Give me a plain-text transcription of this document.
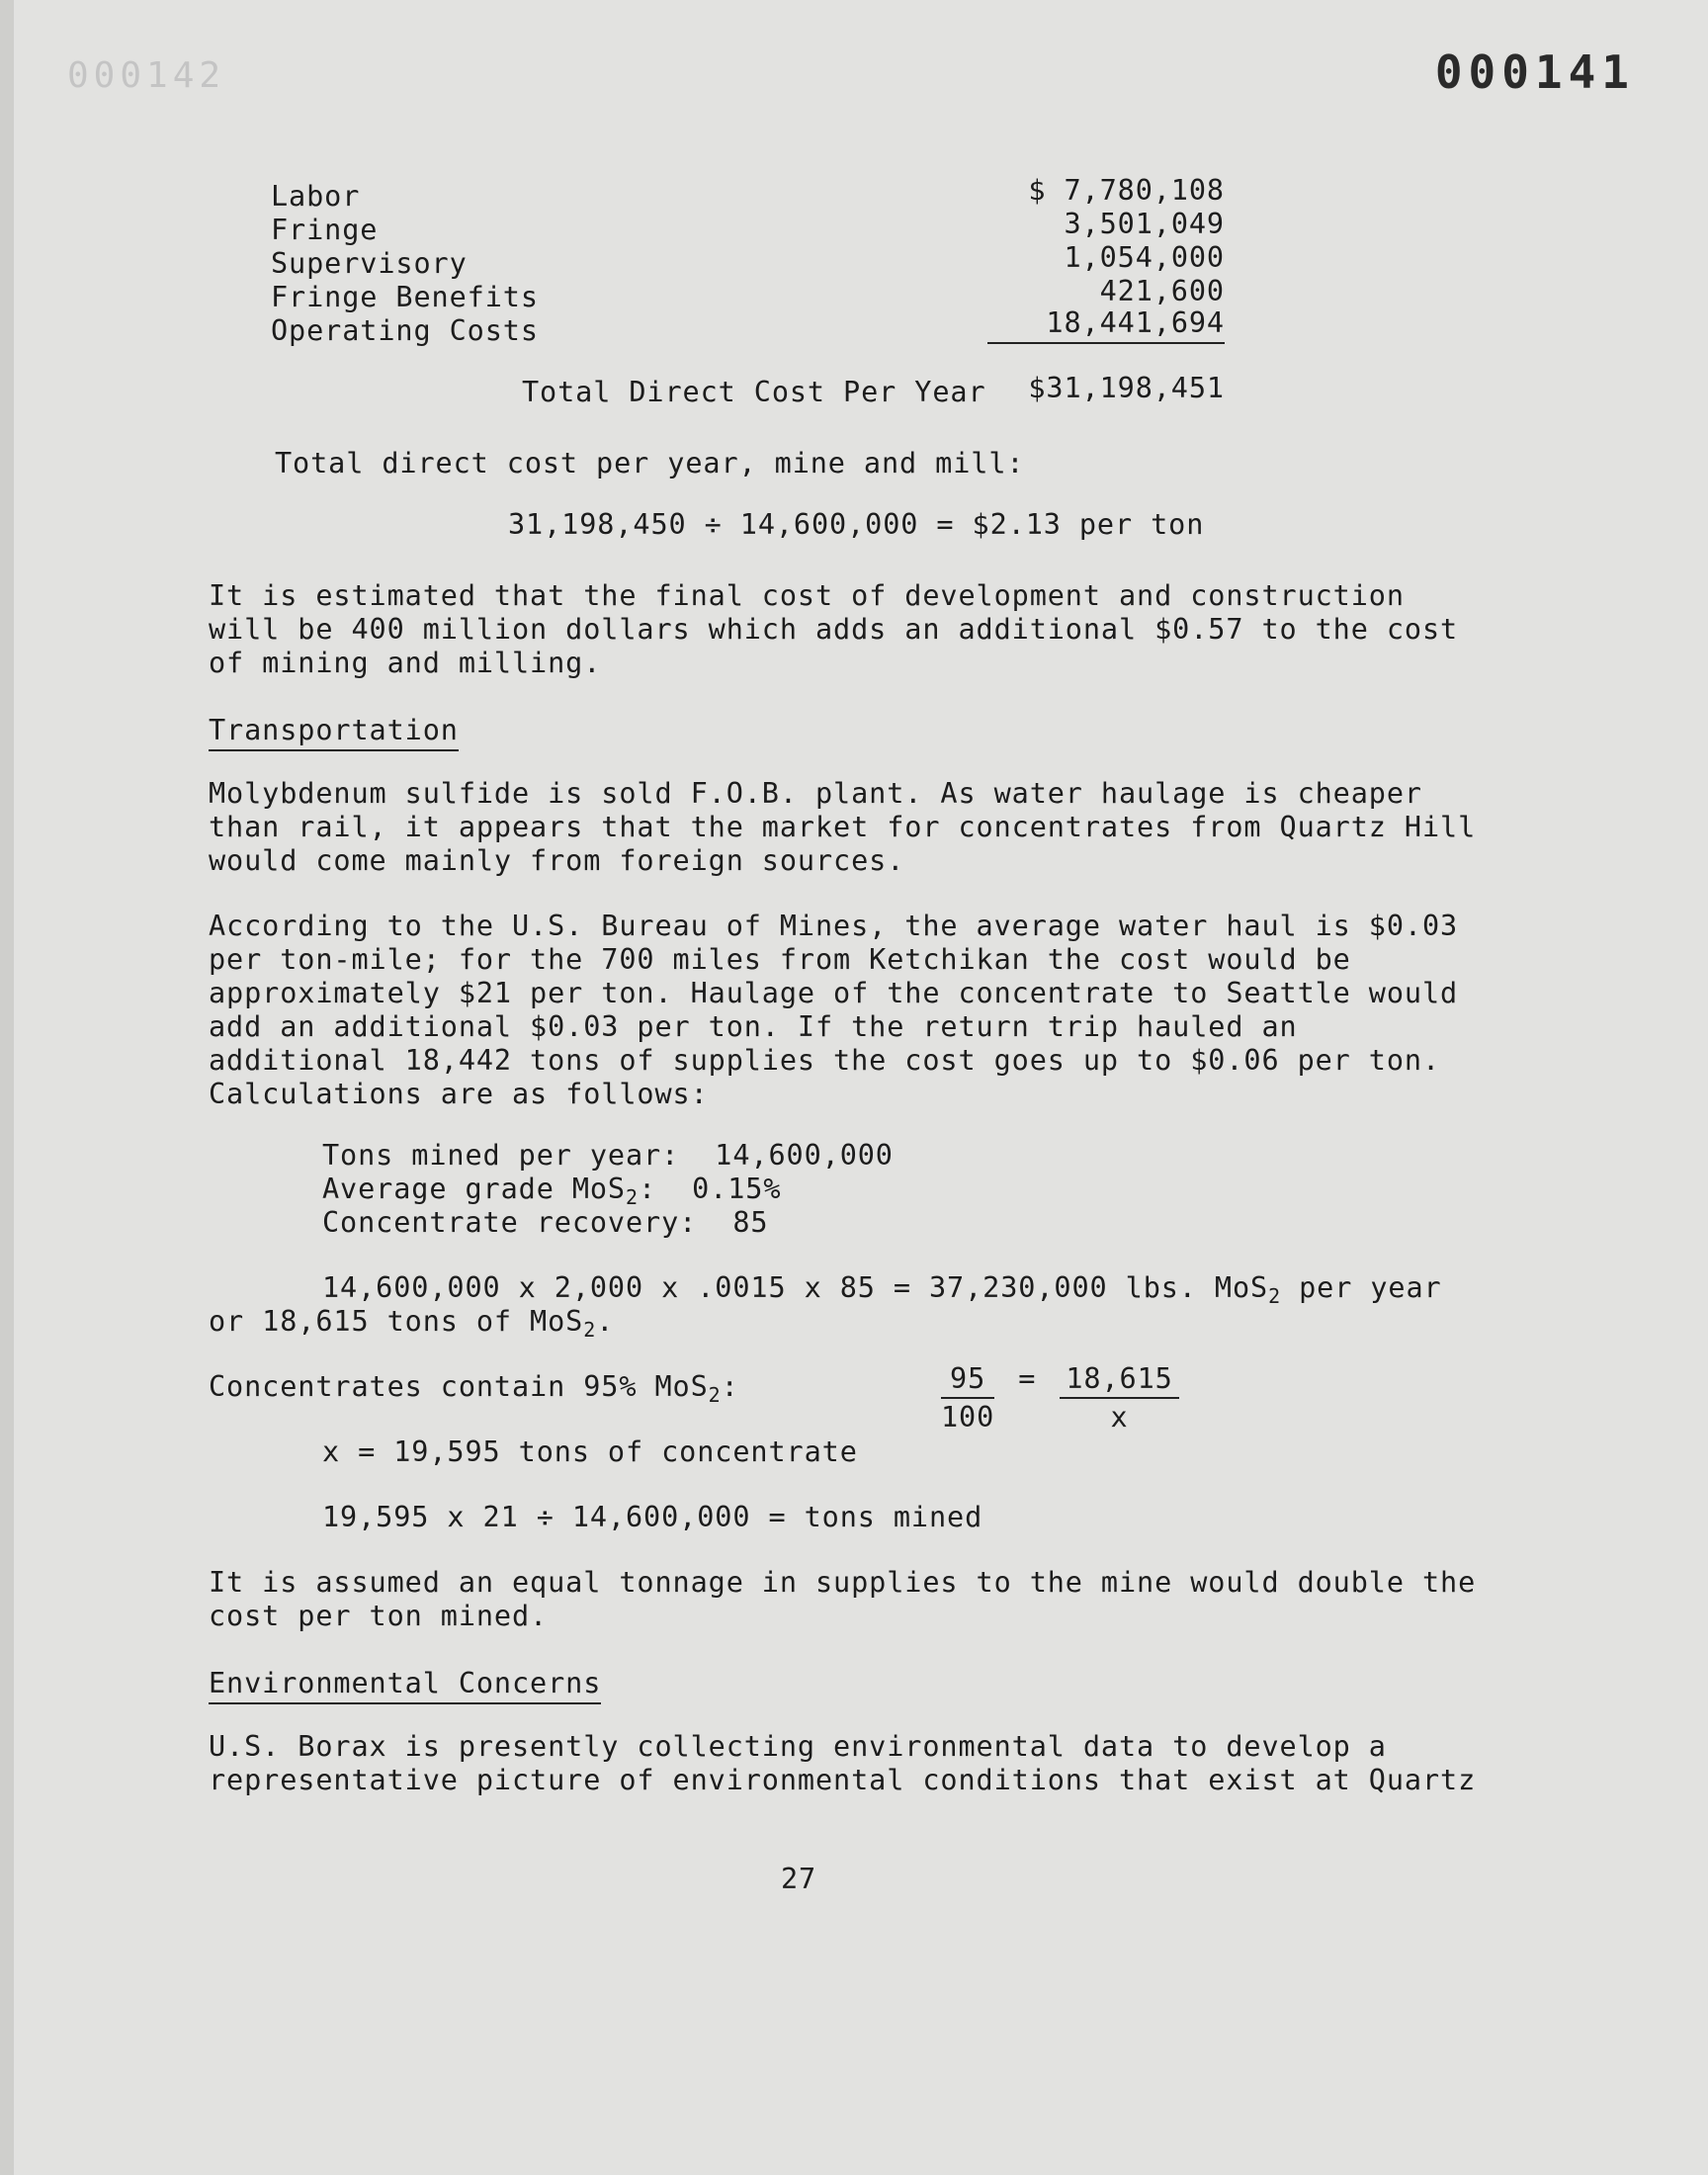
000142	000141
Labor	$ 7,780,108
Fringe	3,501,049
Supervisory	1,054,000
Fringe Benefits	421,600
Operating Costs	18,441,694
Total Direct Cost Per Year	$31,198,451
Total direct cost per year, mine and mill:
31,198,450 ÷ 14,600,000 = $2.13 per ton
It is estimated that the final cost of development and construction will be 400 million dollars which adds an additional $0.57 to the cost of mining and milling.
Transportation
Molybdenum sulfide is sold F.O.B. plant. As water haulage is cheaper than rail, it appears that the market for concentrates from Quartz Hill would come mainly from foreign sources.
According to the U.S. Bureau of Mines, the average water haul is $0.03 per ton-mile; for the 700 miles from Ketchikan the cost would be approximately $21 per ton. Haulage of the concentrate to Seattle would add an additional $0.03 per ton. If the return trip hauled an additional 18,442 tons of supplies the cost goes up to $0.06 per ton. Calculations are as follows:
Tons mined per year:  14,600,000
Average grade MoS$_2$:  0.15%
Concentrate recovery:  85
14,600,000 x 2,000 x .0015 x 85 = 37,230,000 lbs. MoS$_2$ per year
or 18,615 tons of MoS$_2$.
Concentrates contain 95% MoS$_2$:	$\frac{95}{100} = \frac{18,615}{x}$
x = 19,595 tons of concentrate
19,595 x 21 ÷ 14,600,000 = tons mined
It is assumed an equal tonnage in supplies to the mine would double the cost per ton mined.
Environmental Concerns
U.S. Borax is presently collecting environmental data to develop a representative picture of environmental conditions that exist at Quartz
27
